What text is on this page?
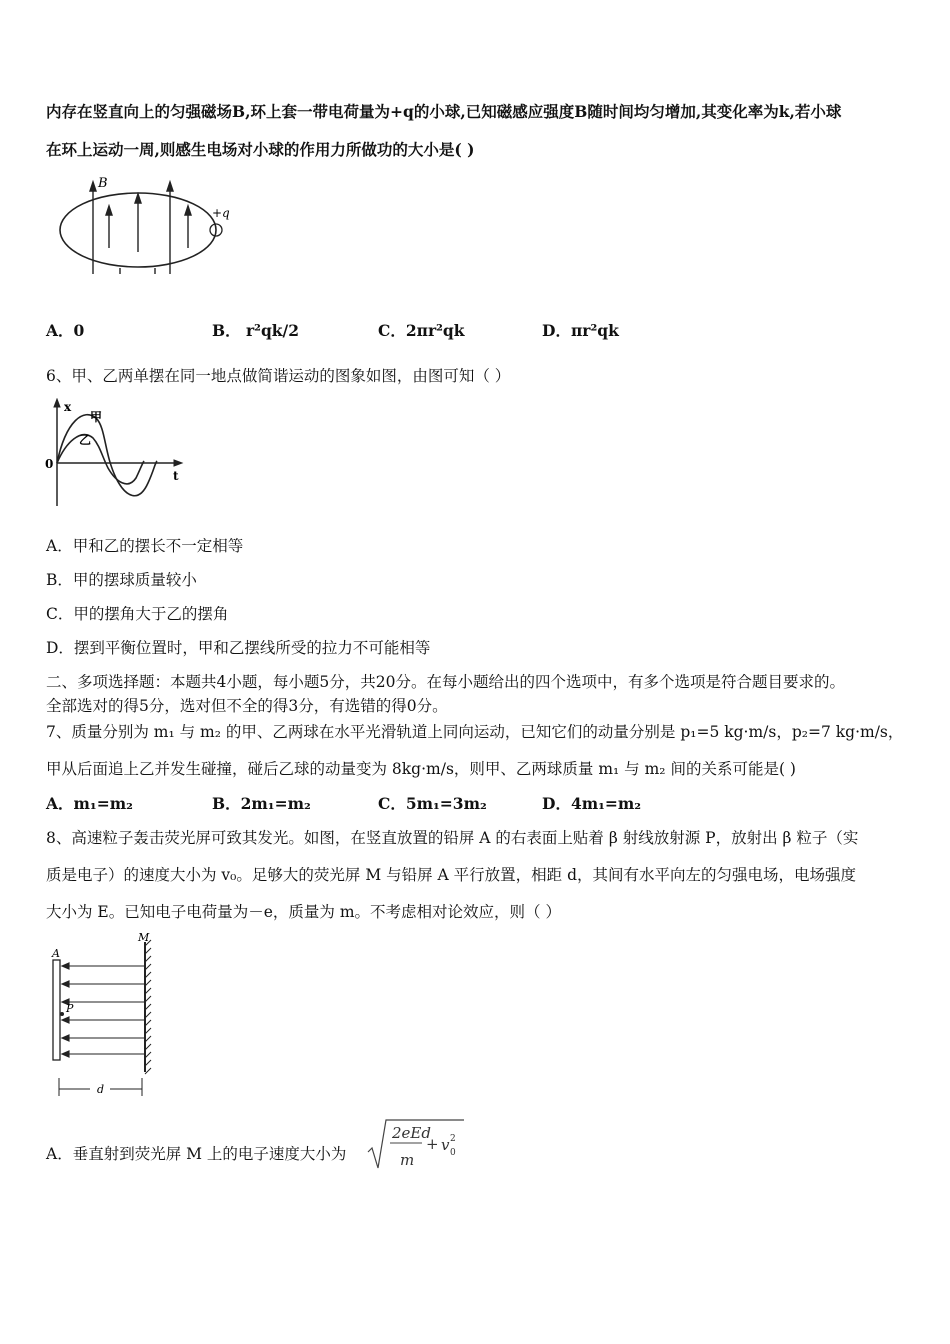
内存在竖直向上的匀强磁场B,环上套一带电荷量为+q的小球,已知磁感应强度B随时间均匀增加,其变化率为k,若小球
在环上运动一周,则感生电场对小球的作用力所做功的大小是( )
B
+q
A．0	B． r²qk/2	C．2πr²qk	D．πr²qk
6、甲、乙两单摆在同一地点做简谐运动的图象如图，由图可知（ ）
x
甲
乙
0
t
A．甲和乙的摆长不一定相等
B．甲的摆球质量较小
C．甲的摆角大于乙的摆角
D．摆到平衡位置时，甲和乙摆线所受的拉力不可能相等
二、多项选择题：本题共4小题，每小题5分，共20分。在每小题给出的四个选项中，有多个选项是符合题目要求的。
全部选对的得5分，选对但不全的得3分，有选错的得0分。
7、质量分别为 m₁ 与 m₂ 的甲、乙两球在水平光滑轨道上同向运动，已知它们的动量分别是 p₁=5 kg·m/s，p₂=7 kg·m/s，
甲从后面追上乙并发生碰撞，碰后乙球的动量变为 8kg·m/s，则甲、乙两球质量 m₁ 与 m₂ 间的关系可能是( )
A．m₁=m₂	B．2m₁=m₂	C．5m₁=3m₂	D．4m₁=m₂
8、高速粒子轰击荧光屏可致其发光。如图，在竖直放置的铅屏 A 的右表面上贴着 β 射线放射源 P，放射出 β 粒子（实
质是电子）的速度大小为 v₀。足够大的荧光屏 M 与铅屏 A 平行放置，相距 d，其间有水平向左的匀强电场，电场强度
大小为 E。已知电子电荷量为－e，质量为 m。不考虑相对论效应，则（ ）
A
M
P
d
A．垂直射到荧光屏 M 上的电子速度大小为
2eEd
m
+ v 2
0
